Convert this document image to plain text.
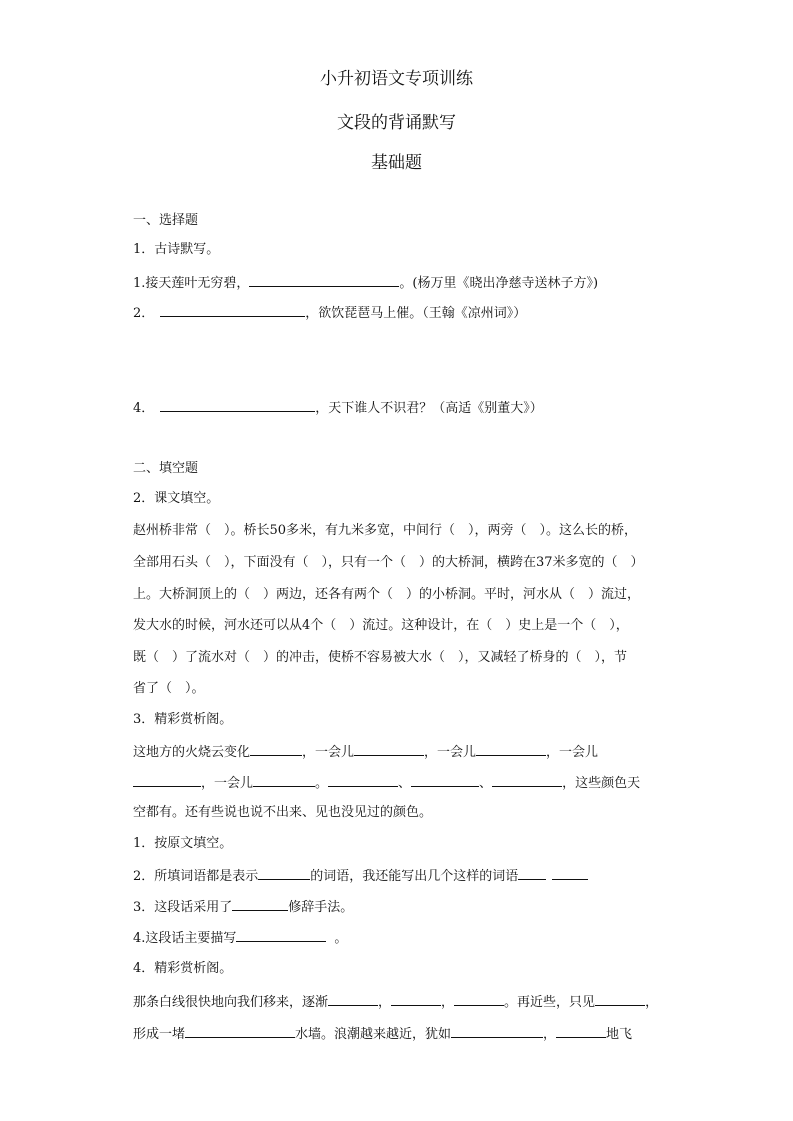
小升初语文专项训练
文段的背诵默写
基础题
一、选择题
1．古诗默写。
1.接天莲叶无穷碧，	。(杨万里《晓出净慈寺送林子方》)
2．	，欲饮琵琶马上催。（王翰《凉州词》）
4．	，天下谁人不识君？（高适《别董大》）
二、填空题
2．课文填空。
赵州桥非常（　）。桥长50多米，有九米多宽，中间行（　），两旁（　）。这么长的桥，
全部用石头（　），下面没有（　），只有一个（　）的大桥洞，横跨在37米多宽的（　）
上。大桥洞顶上的（　）两边，还各有两个（　）的小桥洞。平时，河水从（　）流过，
发大水的时候，河水还可以从4个（　）流过。这种设计，在（　）史上是一个（　），
既（　）了流水对（　）的冲击，使桥不容易被大水（　），又减轻了桥身的（　），节
省了（　）。
3．精彩赏析阁。
这地方的火烧云变化	，一会儿	，一会儿	，一会儿
，一会儿	。	、	、	，这些颜色天
空都有。还有些说也说不出来、见也没见过的颜色。
1．按原文填空。
2．所填词语都是表示	的词语，我还能写出几个这样的词语
3．这段话采用了	修辞手法。
4.这段话主要描写	。
4．精彩赏析阁。
那条白线很快地向我们移来，逐渐	，	，	。再近些，只见	，
形成一堵	水墙。浪潮越来越近，犹如	，	地飞
